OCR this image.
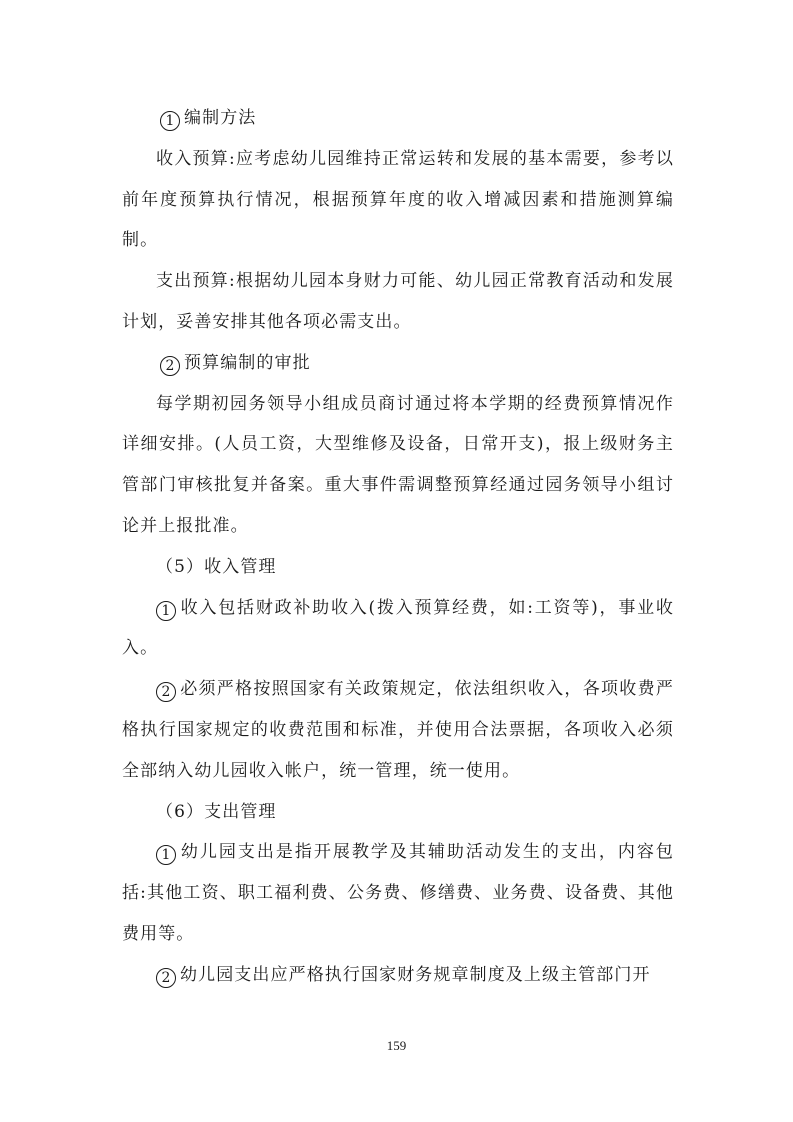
1 编制方法

收入预算:应考虑幼儿园维持正常运转和发展的基本需要，参考以前年度预算执行情况，根据预算年度的收入增减因素和措施测算编制。

支出预算:根据幼儿园本身财力可能、幼儿园正常教育活动和发展计划，妥善安排其他各项必需支出。

2 预算编制的审批

每学期初园务领导小组成员商讨通过将本学期的经费预算情况作详细安排。(人员工资，大型维修及设备，日常开支)，报上级财务主管部门审核批复并备案。重大事件需调整预算经通过园务领导小组讨论并上报批准。

（5）收入管理

1 收入包括财政补助收入(拨入预算经费，如:工资等)，事业收入。

2 必须严格按照国家有关政策规定，依法组织收入，各项收费严格执行国家规定的收费范围和标准，并使用合法票据，各项收入必须全部纳入幼儿园收入帐户，统一管理，统一使用。

（6）支出管理

1 幼儿园支出是指开展教学及其辅助活动发生的支出，内容包括:其他工资、职工福利费、公务费、修缮费、业务费、设备费、其他费用等。

2 幼儿园支出应严格执行国家财务规章制度及上级主管部门开

159
